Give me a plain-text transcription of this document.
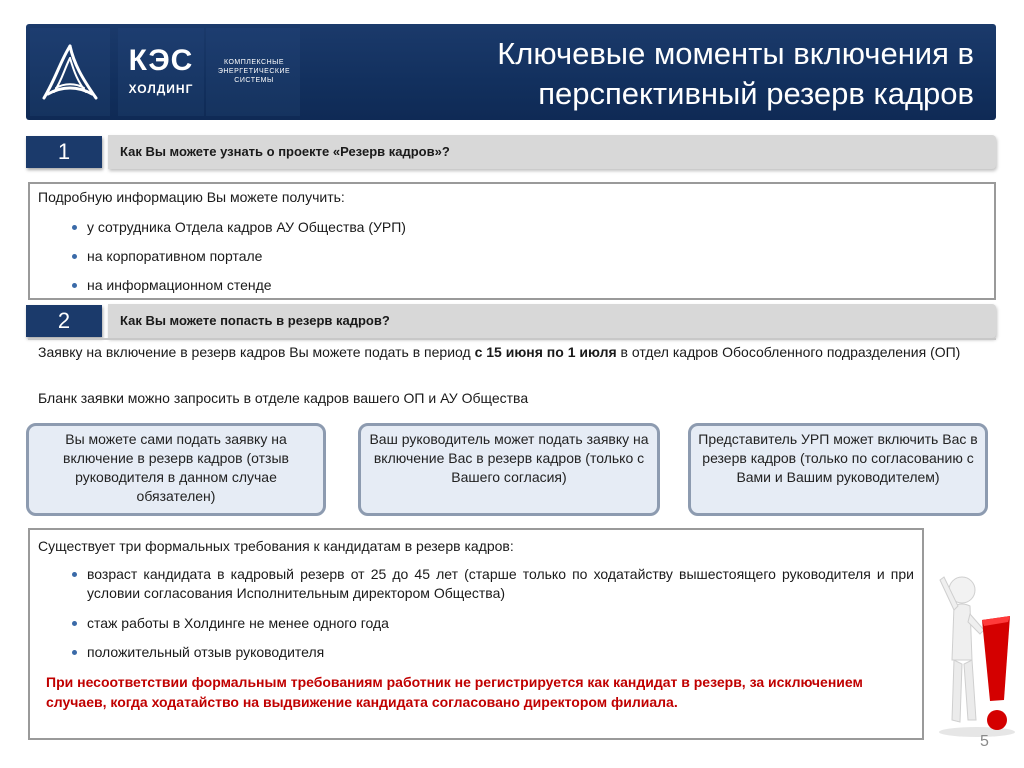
КЭС
ХОЛДИНГ
КОМПЛЕКСНЫЕ
ЭНЕРГЕТИЧЕСКИЕ
СИСТЕМЫ
Ключевые моменты включения в
перспективный резерв кадров
1	Как Вы можете узнать о проекте «Резерв кадров»?
Подробную информацию Вы можете получить:
у сотрудника Отдела кадров АУ Общества (УРП)
на корпоративном портале
на информационном стенде
2	Как Вы можете попасть в резерв кадров?
Заявку на включение в резерв кадров Вы можете подать в период с 15 июня по 1 июля в отдел кадров Обособленного подразделения (ОП)
Бланк заявки можно запросить в отделе кадров вашего ОП и АУ Общества
Вы можете сами подать заявку на включение в резерв кадров (отзыв руководителя в данном случае обязателен)
Ваш руководитель может подать заявку на включение Вас в резерв кадров (только с Вашего согласия)
Представитель УРП может включить Вас в резерв кадров (только по согласованию с Вами и Вашим руководителем)
Существует три формальных требования к кандидатам в резерв кадров:
возраст кандидата в кадровый резерв от 25 до 45 лет (старше только по ходатайству вышестоящего руководителя и при условии согласования Исполнительным директором Общества)
стаж работы в Холдинге не менее одного года
положительный отзыв руководителя
При несоответствии формальным требованиям работник не регистрируется как кандидат в резерв, за исключением случаев, когда ходатайство на выдвижение кандидата согласовано директором филиала.
5
